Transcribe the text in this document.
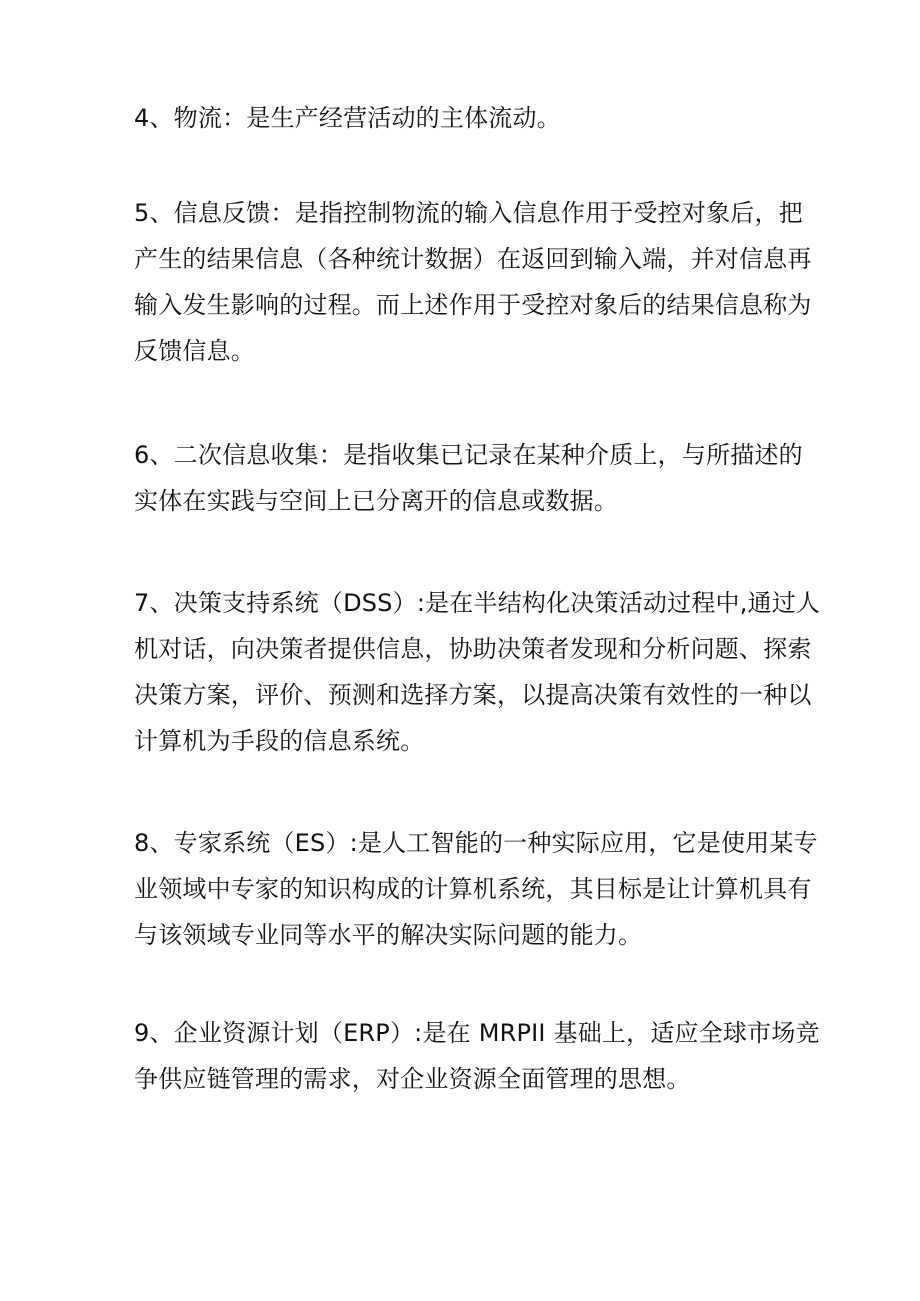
4、物流：是生产经营活动的主体流动。
5、信息反馈：是指控制物流的输入信息作用于受控对象后，把
产生的结果信息（各种统计数据）在返回到输入端，并对信息再
输入发生影响的过程。而上述作用于受控对象后的结果信息称为
反馈信息。
6、二次信息收集：是指收集已记录在某种介质上，与所描述的
实体在实践与空间上已分离开的信息或数据。
7、决策支持系统（DSS）:是在半结构化决策活动过程中,通过人
机对话，向决策者提供信息，协助决策者发现和分析问题、探索
决策方案，评价、预测和选择方案，以提高决策有效性的一种以
计算机为手段的信息系统。
8、专家系统（ES）:是人工智能的一种实际应用，它是使用某专
业领域中专家的知识构成的计算机系统，其目标是让计算机具有
与该领域专业同等水平的解决实际问题的能力。
9、企业资源计划（ERP）:是在 MRPII 基础上，适应全球市场竞
争供应链管理的需求，对企业资源全面管理的思想。
